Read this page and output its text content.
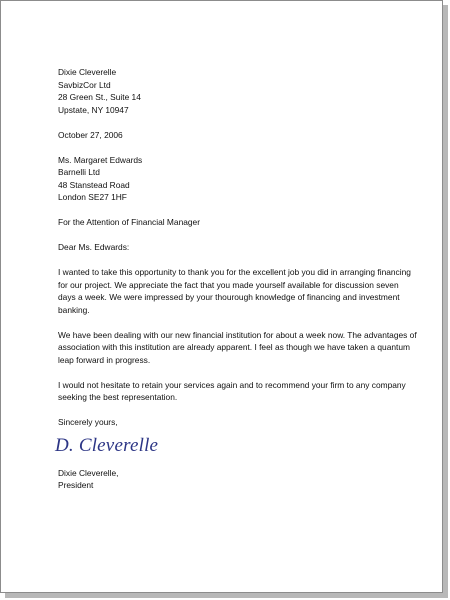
Dixie Cleverelle
SavbizCor Ltd
28 Green St., Suite 14
Upstate, NY 10947
October 27, 2006
Ms. Margaret Edwards
Barnelli Ltd
48 Stanstead Road
London SE27 1HF
For the Attention of Financial Manager
Dear Ms. Edwards:
I wanted to take this opportunity to thank you for the excellent job you did in arranging financing for our project. We appreciate the fact that you made yourself available for discussion seven days a week. We were impressed by your thourough knowledge of financing and investment banking.
We have been dealing with our new financial institution for about a week now. The advantages of association with this institution are already apparent. I feel as though we have taken a quantum leap forward in progress.
I would not hesitate to retain your services again and to recommend your firm to any company seeking the best representation.
Sincerely yours,
D. Cleverelle
Dixie Cleverelle,
President
